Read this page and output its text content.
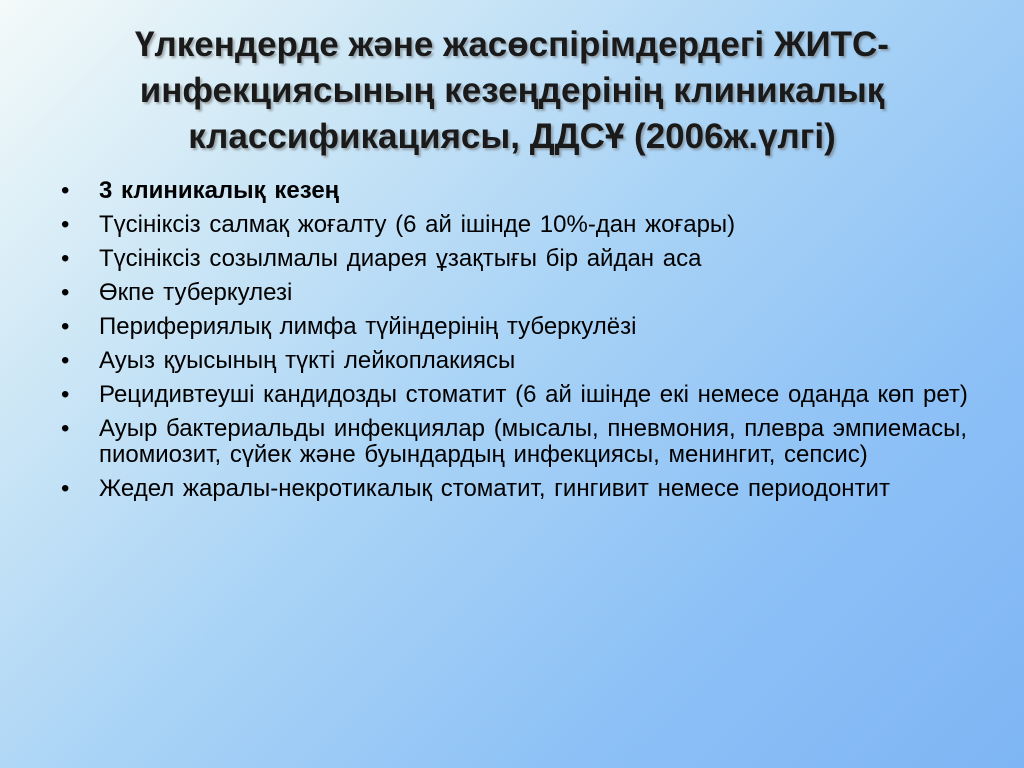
Үлкендерде және жасөспірімдердегі ЖИТС-инфекциясының кезеңдерінің клиникалық классификациясы, ДДСҰ (2006ж.үлгі)
• 3 клиникалық кезең
• Түсініксіз салмақ жоғалту (6 ай ішінде 10%-дан жоғары)
• Түсініксіз созылмалы диарея ұзақтығы бір айдан аса
• Өкпе туберкулезі
• Перифериялық лимфа түйіндерінің туберкулёзі
• Ауыз қуысының түкті лейкоплакиясы
• Рецидивтеуші кандидозды стоматит (6 ай ішінде екі немесе оданда көп рет)
• Ауыр бактериальды инфекциялар (мысалы, пневмония, плевра эмпиемасы, пиомиозит, сүйек және буындардың инфекциясы, менингит, сепсис)
• Жедел жаралы-некротикалық стоматит, гингивит немесе периодонтит
